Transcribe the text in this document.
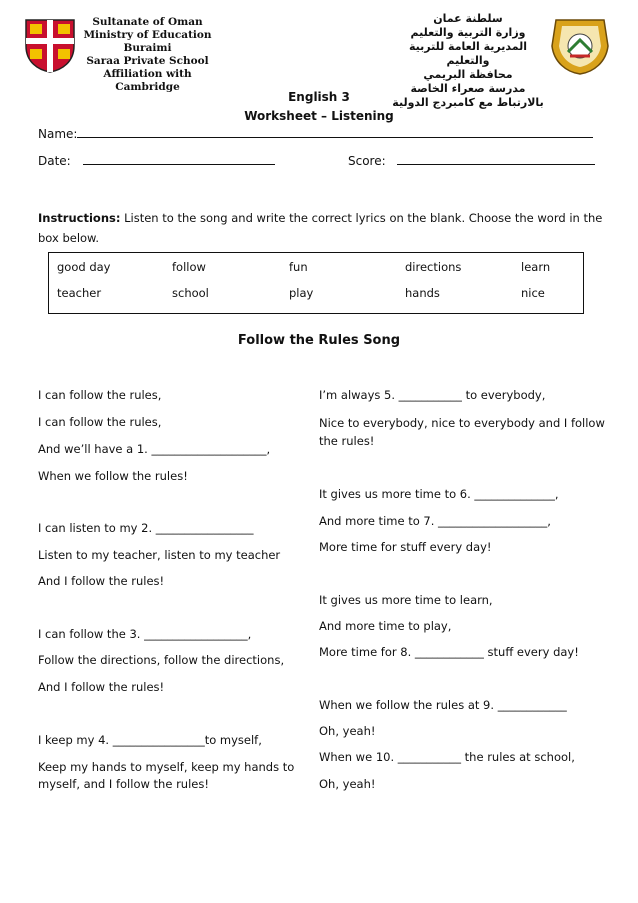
Sultanate of Oman
Ministry of Education
Buraimi
Saraa Private School
Affiliation with Cambridge
سلطنة عمان
وزارة التربية والتعليم
المديرية العامة للتربية والتعليم
محافظة البريمي
مدرسة صعراء الخاصة
بالارتباط مع كامبردج الدولية
English 3
Worksheet – Listening
Name:
Date:	Score:
Instructions: Listen to the song and write the correct lyrics on the blank. Choose the word in the box below.
good day	follow	fun	directions	learn
teacher	school	play	hands	nice
Follow the Rules Song
I can follow the rules,
I can follow the rules,
And we’ll have a 1. ____________________,
When we follow the rules!
I can listen to my 2. _________________
Listen to my teacher, listen to my teacher
And I follow the rules!
I can follow the 3. __________________,
Follow the directions, follow the directions,
And I follow the rules!
I keep my 4. ________________to myself,
Keep my hands to myself, keep my hands to
myself, and I follow the rules!
I’m always 5. ___________ to everybody,
Nice to everybody, nice to everybody and I follow
the rules!
It gives us more time to 6. ______________,
And more time to 7. ___________________,
More time for stuff every day!
It gives us more time to learn,
And more time to play,
More time for 8. ____________ stuff every day!
When we follow the rules at 9. ____________
Oh, yeah!
When we 10. ___________ the rules at school,
Oh, yeah!
